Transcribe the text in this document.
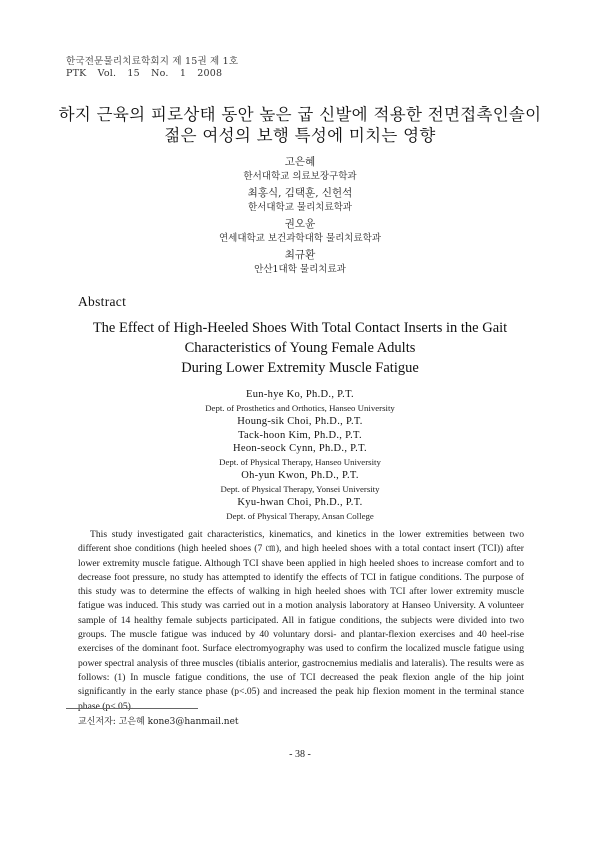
한국전문물리치료학회지 제 15권 제 1호
PTK Vol. 15 No. 1 2008
하지 근육의 피로상태 동안 높은 굽 신발에 적용한 전면접촉인솔이
젊은 여성의 보행 특성에 미치는 영향
고은혜
한서대학교 의료보장구학과
최홍식, 김택훈, 신헌석
한서대학교 물리치료학과
권오윤
연세대학교 보건과학대학 물리치료학과
최규환
안산1대학 물리치료과
Abstract
The Effect of High-Heeled Shoes With Total Contact Inserts in the Gait
Characteristics of Young Female Adults
During Lower Extremity Muscle Fatigue
Eun-hye Ko, Ph.D., P.T.
Dept. of Prosthetics and Orthotics, Hanseo University
Houng-sik Choi, Ph.D., P.T.
Tack-hoon Kim, Ph.D., P.T.
Heon-seock Cynn, Ph.D., P.T.
Dept. of Physical Therapy, Hanseo University
Oh-yun Kwon, Ph.D., P.T.
Dept. of Physical Therapy, Yonsei University
Kyu-hwan Choi, Ph.D., P.T.
Dept. of Physical Therapy, Ansan College

This study investigated gait characteristics, kinematics, and kinetics in the lower extremities between two different shoe conditions (high heeled shoes (7 ㎝), and high heeled shoes with a total contact insert (TCI)) after lower extremity muscle fatigue. Although TCI shave been applied in high heeled shoes to increase comfort and to decrease foot pressure, no study has attempted to identify the effects of TCI in fatigue conditions. The purpose of this study was to determine the effects of walking in high heeled shoes with TCI after lower extremity muscle fatigue was induced. This study was carried out in a motion analysis laboratory at Hanseo University. A volunteer sample of 14 healthy female subjects participated. All in fatigue conditions, the subjects were divided into two groups. The muscle fatigue was induced by 40 voluntary dorsi- and plantar-flexion exercises and 40 heel-rise exercises of the dominant foot. Surface electromyography was used to confirm the localized muscle fatigue using power spectral analysis of three muscles (tibialis anterior, gastrocnemius medialis and lateralis). The results were as follows: (1) In muscle fatigue conditions, the use of TCI decreased the peak flexion angle of the hip joint significantly in the early stance phase (p<.05) and increased the peak hip flexion moment in the terminal stance phase (p<.05).

교신저자: 고은혜 kone3@hanmail.net
- 38 -
